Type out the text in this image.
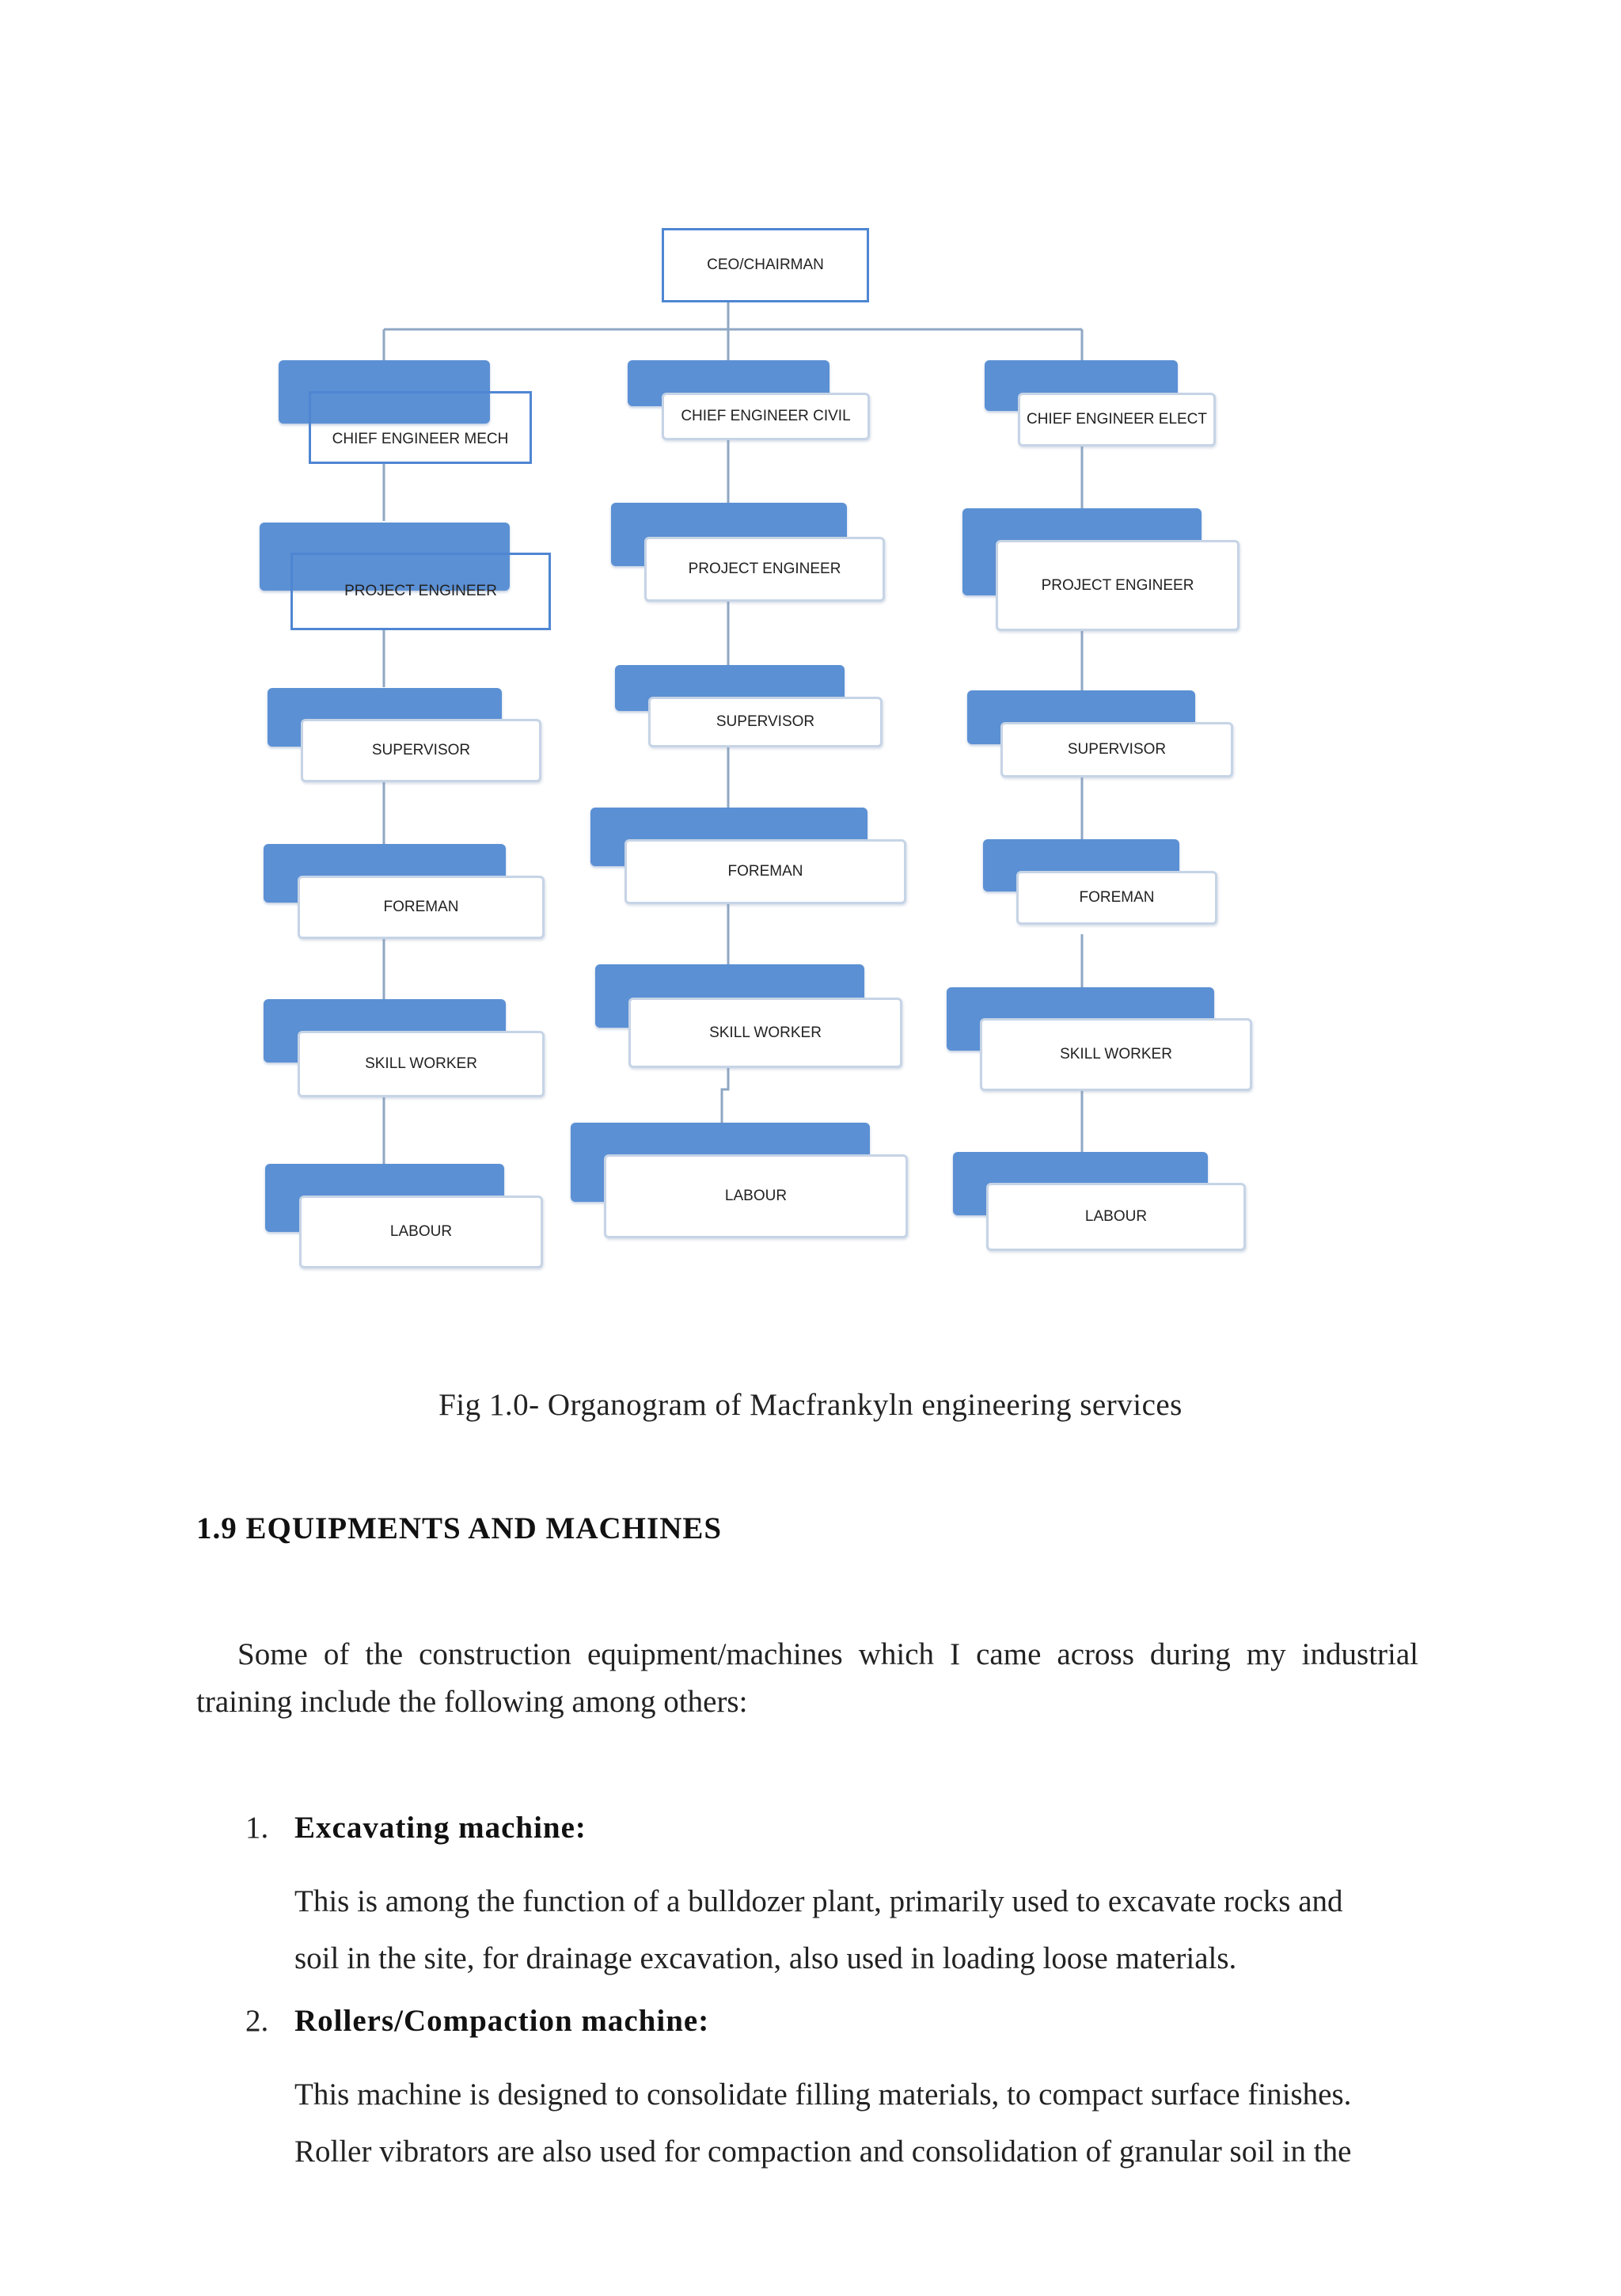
CEO/CHAIRMAN
CHIEF ENGINEER MECH
PROJECT ENGINEER
SUPERVISOR
FOREMAN
SKILL WORKER
LABOUR
CHIEF ENGINEER CIVIL
PROJECT ENGINEER
SUPERVISOR
FOREMAN
SKILL WORKER
LABOUR
CHIEF ENGINEER ELECT
PROJECT ENGINEER
SUPERVISOR
FOREMAN
SKILL WORKER
LABOUR
Fig 1.0- Organogram of Macfrankyln engineering services
1.9 EQUIPMENTS AND MACHINES
Some of the construction equipment/machines which I came across during my industrial training include the following among others:
1. Excavating machine:
This is among the function of a bulldozer plant, primarily used to excavate rocks and
soil in the site, for drainage excavation, also used in loading loose materials.
2. Rollers/Compaction machine:
This machine is designed to consolidate filling materials, to compact surface finishes.
Roller vibrators are also used for compaction and consolidation of granular soil in the
